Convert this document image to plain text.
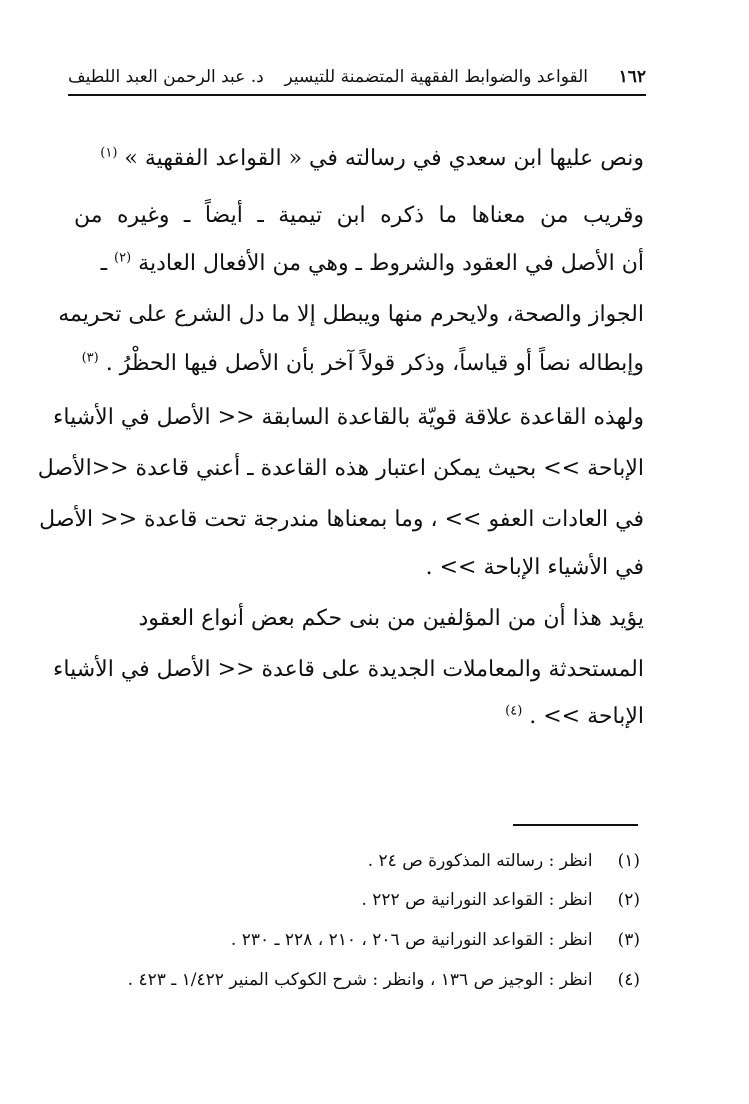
١٦٢
القواعد والضوابط الفقهية المتضمنة للتيسير
د. عبد الرحمن العبد اللطيف
ونص عليها ابن سعدي في رسالته في « القواعد الفقهية » $^{(١)}$
وقريب من معناها ما ذكره ابن تيمية ـ أيضاً ـ وغيره من
أن الأصل في العقود والشروط ـ وهي من الأفعال العادية $^{(٢)}$ ـ
الجواز والصحة، ولايحرم منها ويبطل إلا ما دل الشرع على تحريمه
وإبطاله نصاً أو قياساً، وذكر قولاً آخر بأن الأصل فيها الحظْرُ . $^{(٣)}$
ولهذه القاعدة علاقة قويّة بالقاعدة السابقة << الأصل في الأشياء
الإباحة >> بحيث يمكن اعتبار هذه القاعدة ـ أعني قاعدة <<الأصل
في العادات العفو >> ، وما بمعناها مندرجة تحت قاعدة << الأصل
في الأشياء الإباحة >> .
يؤيد هذا أن من المؤلفين من بنى حكم بعض أنواع العقود
المستحدثة والمعاملات الجديدة على قاعدة << الأصل في الأشياء
الإباحة >> . $^{(٤)}$
(١) انظر : رسالته المذكورة ص ٢٤ .
(٢) انظر : القواعد النورانية ص ٢٢٢ .
(٣) انظر : القواعد النورانية ص ٢٠٦ ، ٢١٠ ، ٢٢٨ ـ ٢٣٠ .
(٤) انظر : الوجيز ص ١٣٦ ، وانظر : شرح الكوكب المنير ١/٤٢٢ ـ ٤٢٣ .
